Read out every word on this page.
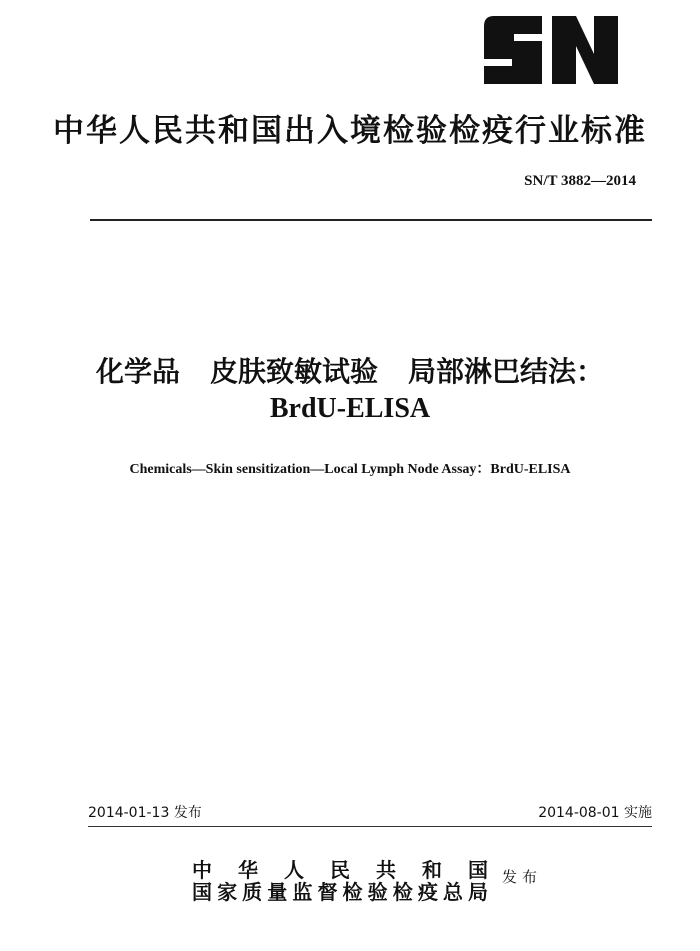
中华人民共和国出入境检验检疫行业标准
SN/T 3882—2014
化学品 皮肤致敏试验 局部淋巴结法：
BrdU-ELISA
Chemicals—Skin sensitization—Local Lymph Node Assay：BrdU-ELISA
2014-01-13 发布	2014-08-01 实施
中 华 人 民 共 和 国
国家质量监督检验检疫总局
发布
